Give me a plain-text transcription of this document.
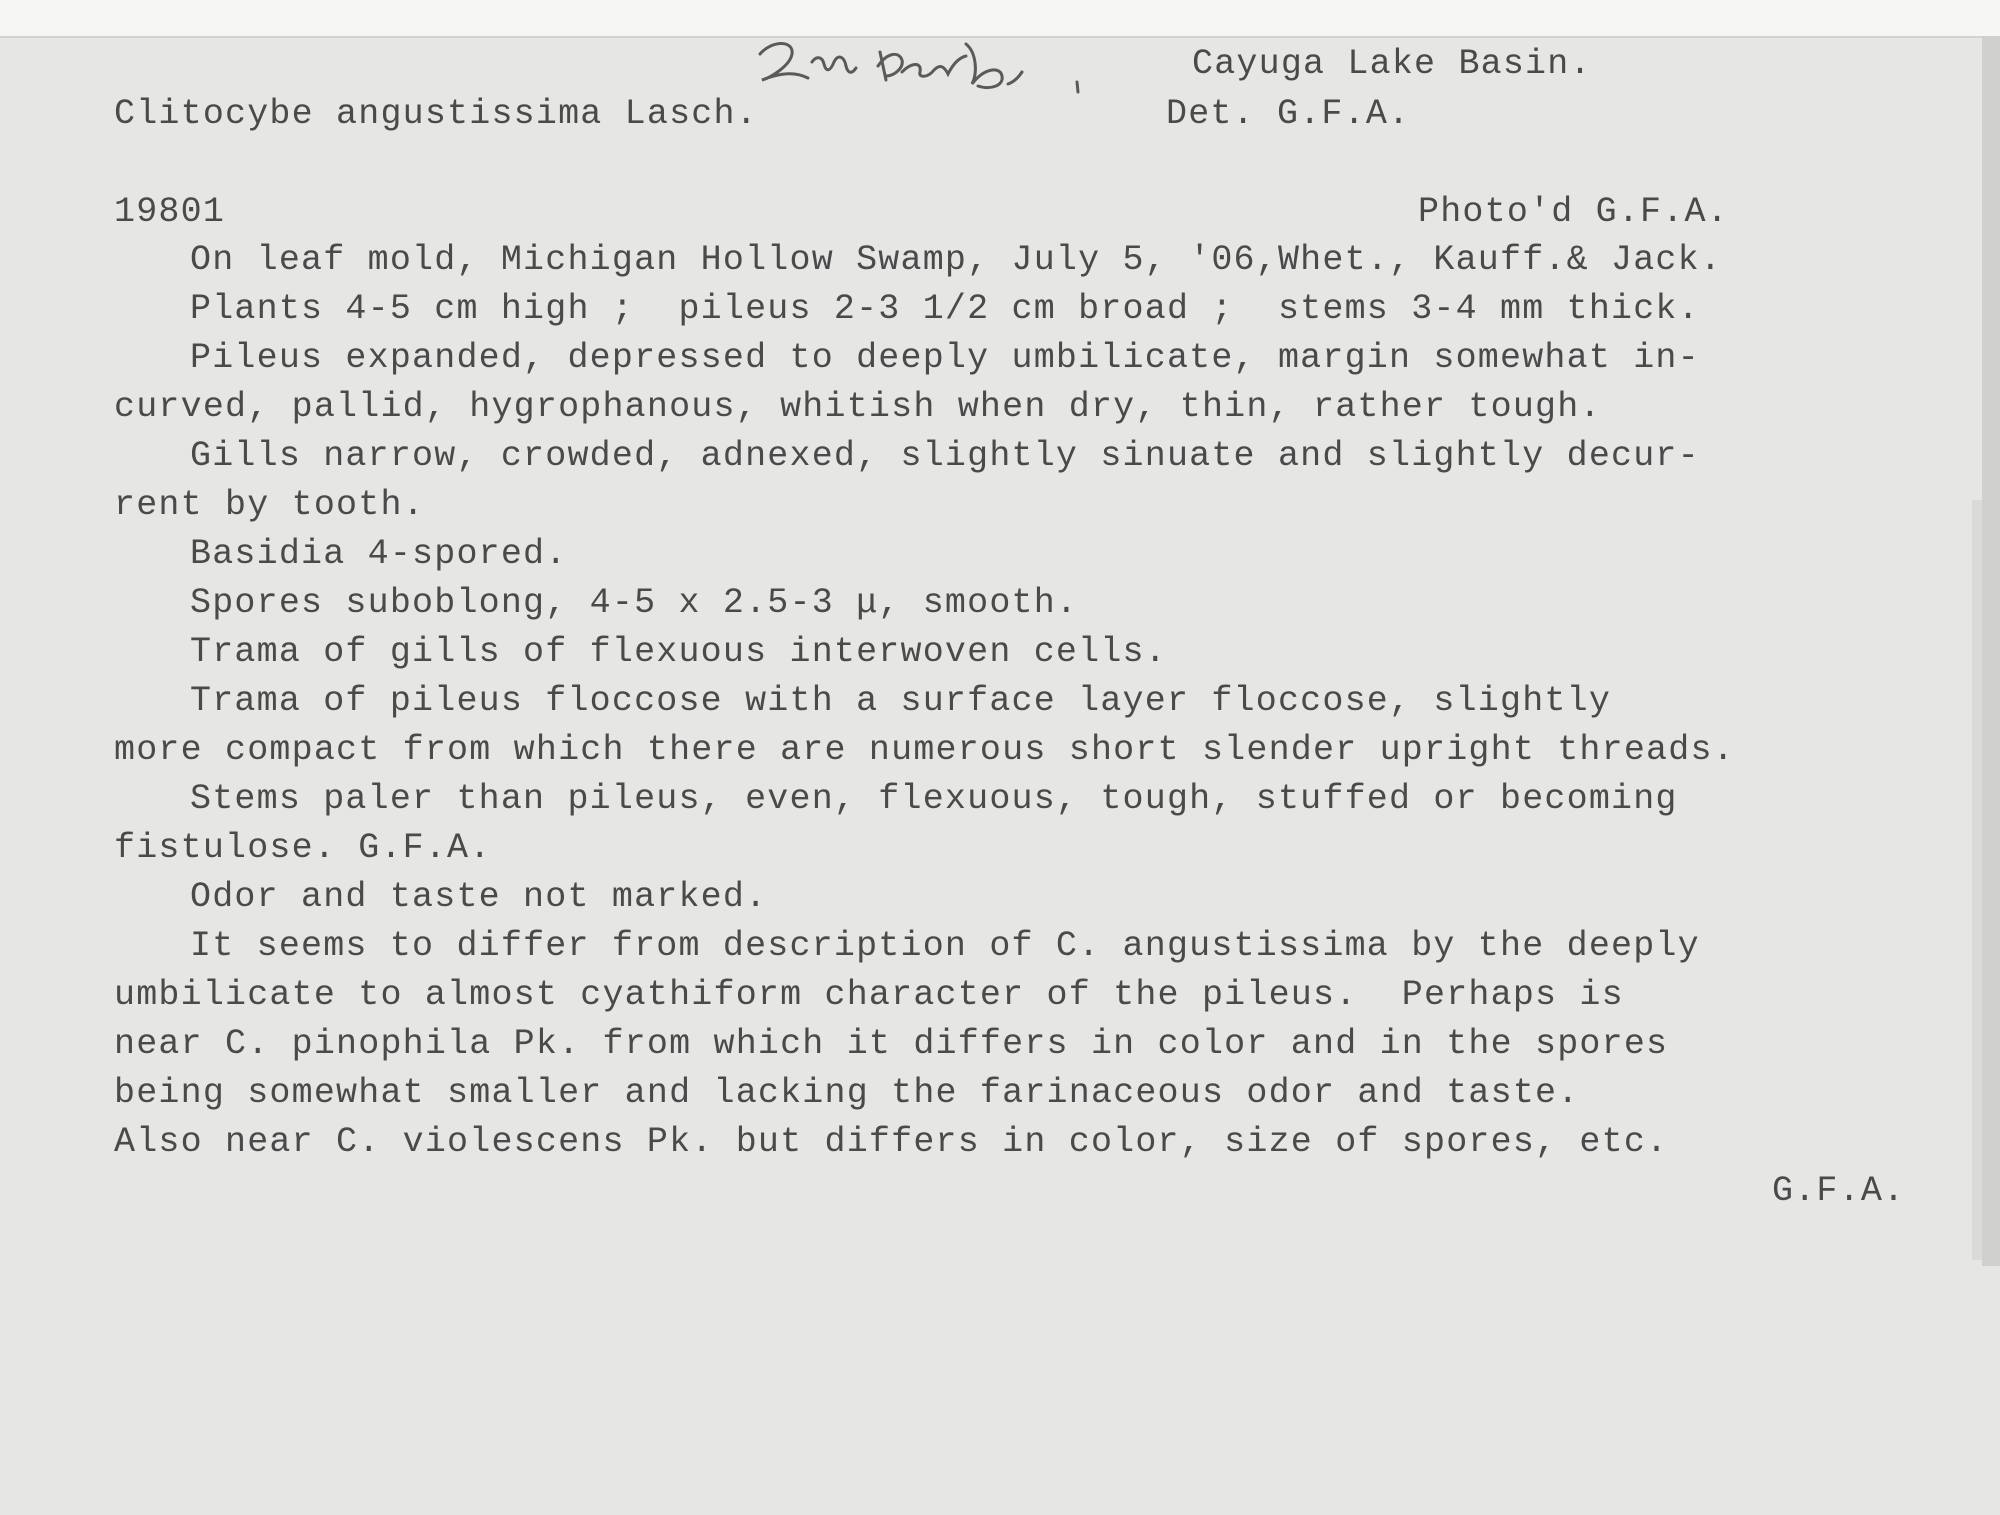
Cayuga Lake Basin.
Clitocybe angustissima Lasch.	Det. G.F.A.
19801	Photo'd G.F.A.
On leaf mold, Michigan Hollow Swamp, July 5, '06,Whet., Kauff.& Jack.
Plants 4-5 cm high ;  pileus 2-3 1/2 cm broad ;  stems 3-4 mm thick.
Pileus expanded, depressed to deeply umbilicate, margin somewhat in-
curved, pallid, hygrophanous, whitish when dry, thin, rather tough.
Gills narrow, crowded, adnexed, slightly sinuate and slightly decur-
rent by tooth.
Basidia 4-spored.
Spores suboblong, 4-5 x 2.5-3 μ, smooth.
Trama of gills of flexuous interwoven cells.
Trama of pileus floccose with a surface layer floccose, slightly
more compact from which there are numerous short slender upright threads.
Stems paler than pileus, even, flexuous, tough, stuffed or becoming
fistulose. G.F.A.
Odor and taste not marked.
It seems to differ from description of C. angustissima by the deeply
umbilicate to almost cyathiform character of the pileus.  Perhaps is
near C. pinophila Pk. from which it differs in color and in the spores
being somewhat smaller and lacking the farinaceous odor and taste.
Also near C. violescens Pk. but differs in color, size of spores, etc.
G.F.A.
